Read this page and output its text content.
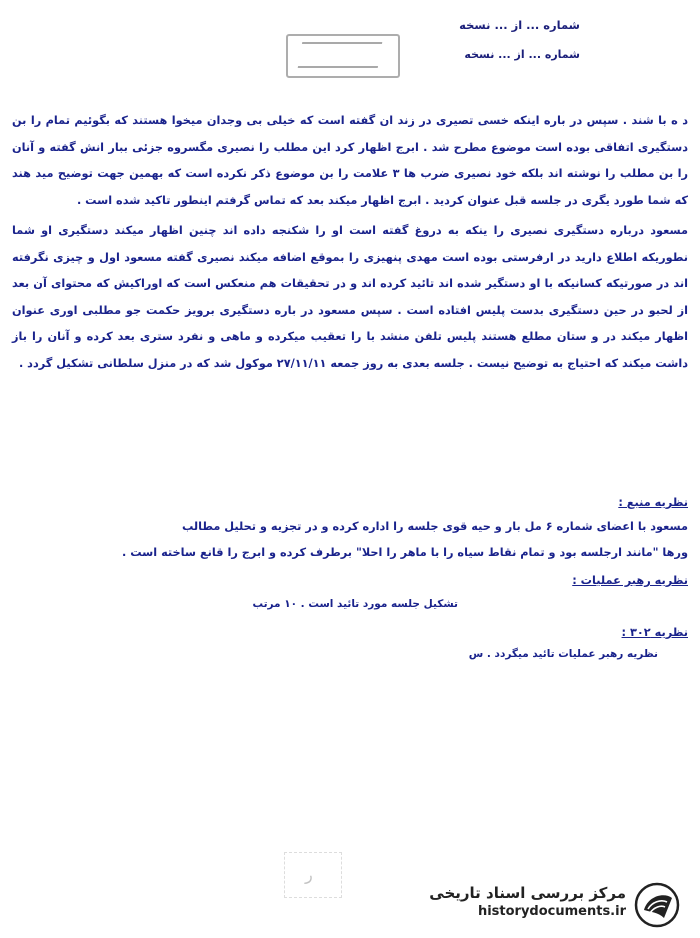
شماره ... از ... نسخه
شماره ... از ... نسخه

د ه با شند . سپس در باره اینکه خسی تصیری در زند ان گفته است که خیلی بی وجدان میخوا هستند که بگوئیم تمام را بن دستگیری اتفاقی بوده است موضوع مطرح شد . ابرج اظهار کرد این مطلب را نصیری مگسروه جزئی ببار انش گفته و آنان را بن مطلب را نوشته اند بلکه خود نصیری ضرب ها ۳ علامت را بن موضوع ذکر نکرده است که بهمین جهت توضیح مید هند که شما طورد یگری در جلسه قبل عنوان کردید . ابرج اظهار میکند بعد که تماس گرفتم اینطور تاکید شده است .

مسعود درباره دستگیری نصیری را ینکه به دروغ گفته است او را شکنجه داده اند چنین اظهار میکند دستگیری او شما نطوریکه اطلاع دارید در ارفرستی بوده است مهدی پنهیزی را بموقع اضافه میکند نصیری گفته مسعود اول و چیزی نگرفته اند در صورتیکه کسانیکه با او دستگیر شده اند تائید کرده اند و در تحقیقات هم منعکس است که اوراکیش که محتوای آن بعد از لحبو در حین دستگیری بدست پلیس افتاده است . سپس مسعود در باره دستگیری برویز حکمت جو مطلبی اوری عنوان اظهار میکند در و ستان مطلع هستند پلیس تلفن منشد با را تعقیب میکرده و ماهی و نفرد ستری بعد کرده و آنان را باز داشت میکند که احتیاج به توضیح نیست . جلسه بعدی به روز جمعه ۲۷/۱۱/۱۱ موکول شد که در منزل سلطانی تشکیل گردد .

نظریه منبع :
مسعود با اعضای شماره ۶ مل بار و حیه قوی جلسه را اداره کرده و در تجزیه و تحلیل مطالب
ورها "مانند ارجلسه بود و تمام نقاط سیاه را با ماهر را احلا" برطرف کرده و ابرج را قانع ساخته است .
نظریه رهبر عملیات :
تشکیل جلسه مورد تائید است . ۱۰ مرتب
نظریه ۳۰۲ :
نظریه رهبر عملیات تائید میگردد . س
ر
مرکز بررسی اسناد تاریخی
historydocuments.ir
